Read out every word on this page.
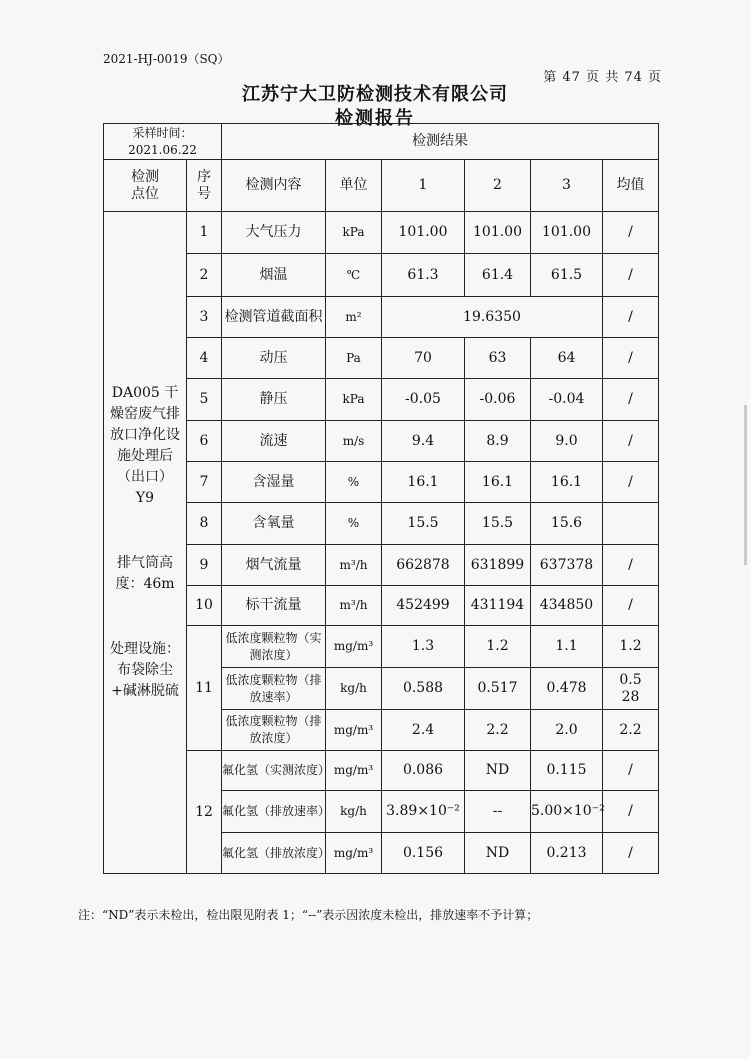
2021-HJ-0019（SQ）
第 47 页 共 74 页
江苏宁大卫防检测技术有限公司
检测报告
采样时间：
2021.06.22		检测结果					

检测点位	序号	检测内容	单位	1	2	3	均值

DA005 干燥窑废气排放口净化设施处理后（出口）Y9
排气筒高度：46m
处理设施：布袋除尘+碱淋脱硫	1	大气压力	kPa	101.00	101.00	101.00	/
	2	烟温	℃	61.3	61.4	61.5	/
	3	检测管道截面积	m²	19.6350			/
	4	动压	Pa	70	63	64	/
	5	静压	kPa	-0.05	-0.06	-0.04	/
	6	流速	m/s	9.4	8.9	9.0	/
	7	含湿量	%	16.1	16.1	16.1	/
	8	含氧量	%	15.5	15.5	15.6	
	9	烟气流量	m³/h	662878	631899	637378	/
	10	标干流量	m³/h	452499	431194	434850	/
	11	低浓度颗粒物（实测浓度）	mg/m³	1.3	1.2	1.1	1.2
		低浓度颗粒物（排放速率）	kg/h	0.588	0.517	0.478	0.528

		低浓度颗粒物（排放浓度）	mg/m³	2.4	2.2	2.0	2.2
	12	氟化氢（实测浓度）	mg/m³	0.086	ND	0.115	/
		氟化氢（排放速率）	kg/h	3.89×10⁻²	--	5.00×10⁻²	/
		氟化氢（排放浓度）	mg/m³	0.156	ND	0.213	/
注：“ND”表示未检出，检出限见附表 1；“--”表示因浓度未检出，排放速率不予计算；
